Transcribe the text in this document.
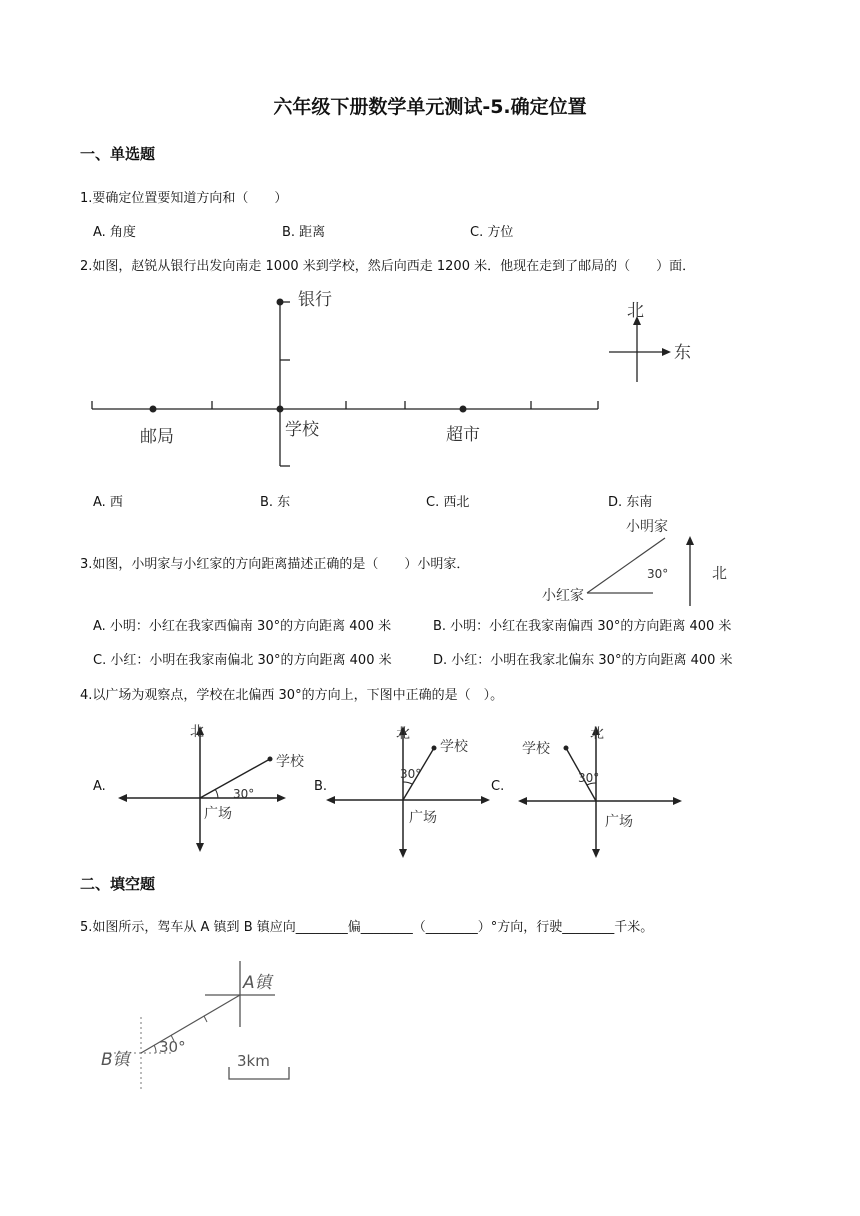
六年级下册数学单元测试-5.确定位置
一、单选题
1.要确定位置要知道方向和（　　）
A. 角度	B. 距离	C. 方位
2.如图，赵锐从银行出发向南走 1000 米到学校，然后向西走 1200 米．他现在走到了邮局的（　　）面．
银行
邮局	学校	超市
北
东
A. 西	B. 东	C. 西北	D. 东南
3.如图，小明家与小红家的方向距离描述正确的是（　　）小明家．
小明家
小红家
30°	北
A. 小明：小红在我家西偏南 30°的方向距离 400 米	B. 小明：小红在我家南偏西 30°的方向距离 400 米
C. 小红：小明在我家南偏北 30°的方向距离 400 米	D. 小红：小明在我家北偏东 30°的方向距离 400 米
4.以广场为观察点，学校在北偏西 30°的方向上，下图中正确的是（　）。
A.	B.	C.
北
学校
30°
广场
北
学校
30°
广场
北
学校
30°
广场
二、填空题
5.如图所示，驾车从 A 镇到 B 镇应向________偏________（________）°方向，行驶________千米。
A镇
B镇
30°
3km
